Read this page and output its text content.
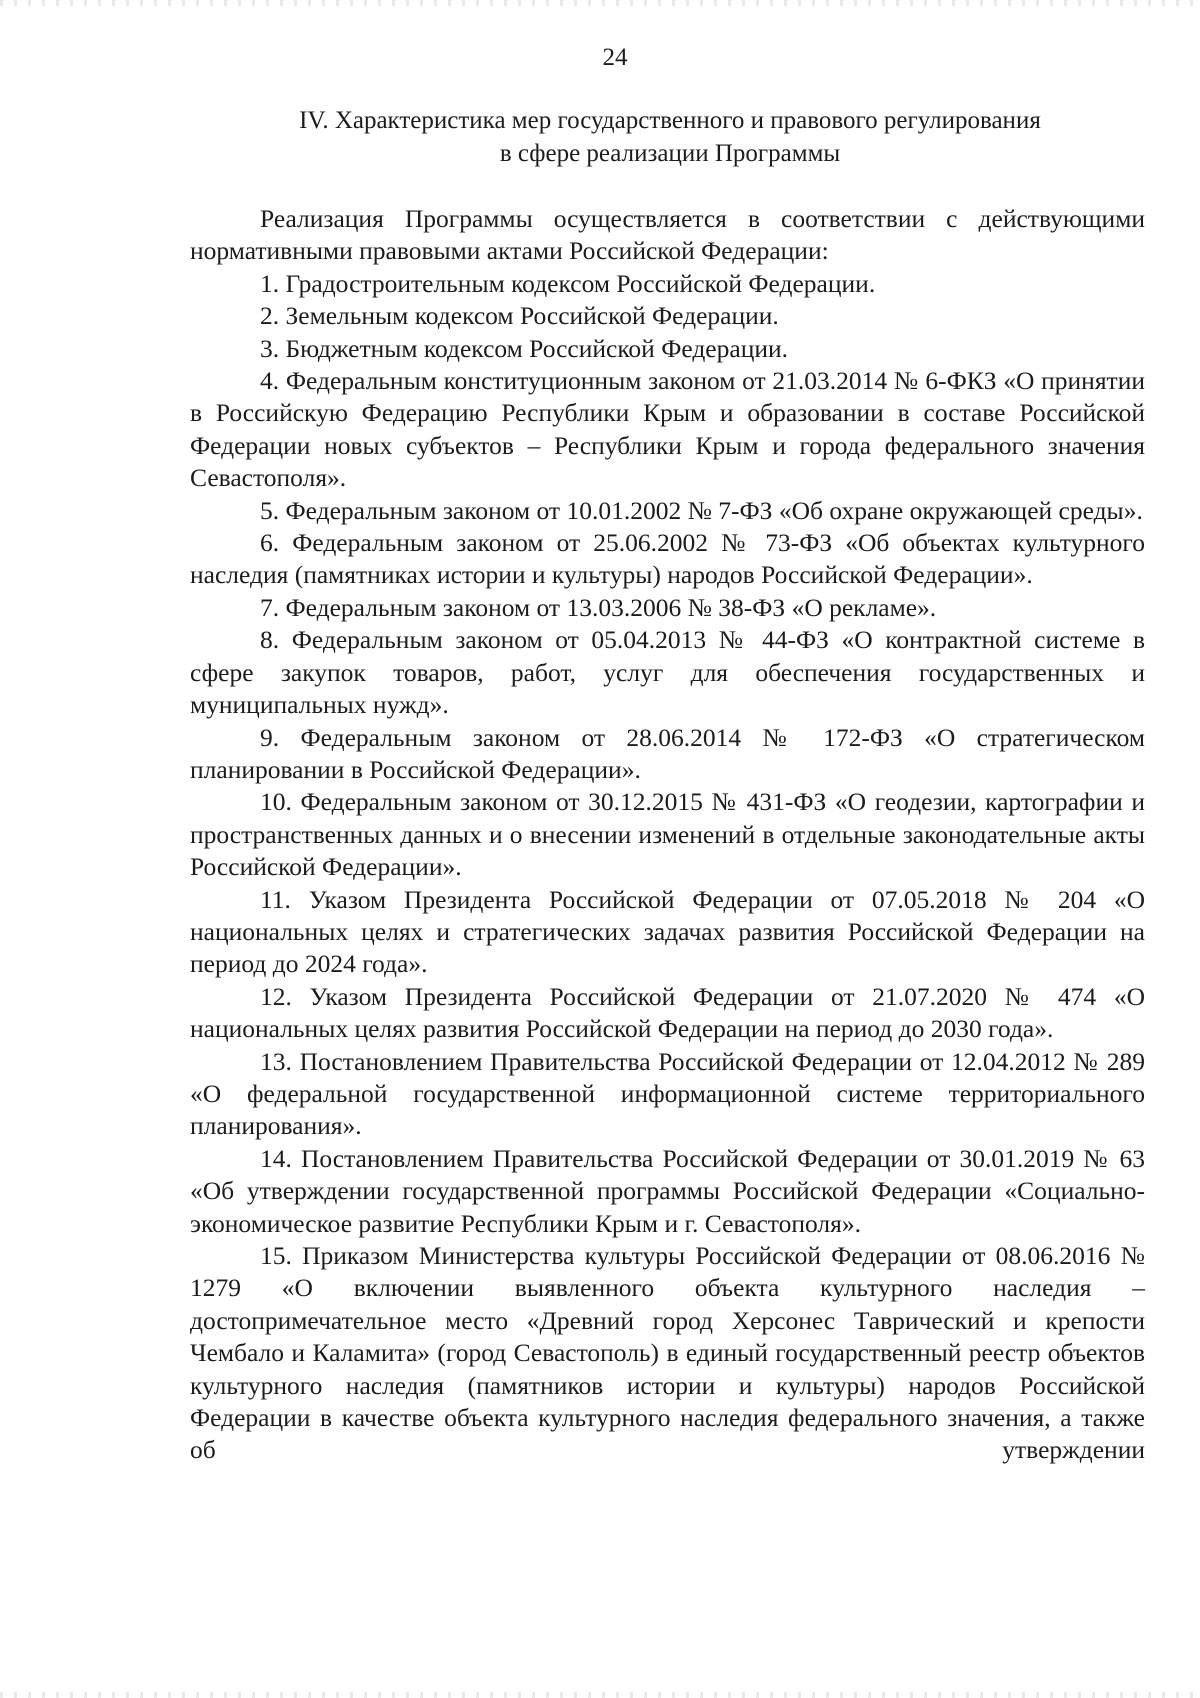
24
IV. Характеристика мер государственного и правового регулирования
в сфере реализации Программы

Реализация Программы осуществляется в соответствии с действующими нормативными правовыми актами Российской Федерации:

1. Градостроительным кодексом Российской Федерации.

2. Земельным кодексом Российской Федерации.

3. Бюджетным кодексом Российской Федерации.

4. Федеральным конституционным законом от 21.03.2014 № 6-ФКЗ «О принятии в Российскую Федерацию Республики Крым и образовании в составе Российской Федерации новых субъектов – Республики Крым и города федерального значения Севастополя».

5. Федеральным законом от 10.01.2002 № 7-ФЗ «Об охране окружающей среды».

6. Федеральным законом от 25.06.2002 № 73-ФЗ «Об объектах культурного наследия (памятниках истории и культуры) народов Российской Федерации».

7. Федеральным законом от 13.03.2006 № 38-ФЗ «О рекламе».

8. Федеральным законом от 05.04.2013 № 44-ФЗ «О контрактной системе в сфере закупок товаров, работ, услуг для обеспечения государственных и муниципальных нужд».

9. Федеральным законом от 28.06.2014 № 172-ФЗ «О стратегическом планировании в Российской Федерации».

10. Федеральным законом от 30.12.2015 № 431-ФЗ «О геодезии, картографии и пространственных данных и о внесении изменений в отдельные законодательные акты Российской Федерации».

11. Указом Президента Российской Федерации от 07.05.2018 № 204 «О национальных целях и стратегических задачах развития Российской Федерации на период до 2024 года».

12. Указом Президента Российской Федерации от 21.07.2020 № 474 «О национальных целях развития Российской Федерации на период до 2030 года».

13. Постановлением Правительства Российской Федерации от 12.04.2012 № 289 «О федеральной государственной информационной системе территориального планирования».

14. Постановлением Правительства Российской Федерации от 30.01.2019 № 63 «Об утверждении государственной программы Российской Федерации «Социально-экономическое развитие Республики Крым и г. Севастополя».

15. Приказом Министерства культуры Российской Федерации от 08.06.2016 № 1279 «О включении выявленного объекта культурного наследия – достопримечательное место «Древний город Херсонес Таврический и крепости Чембало и Каламита» (город Севастополь) в единый государственный реестр объектов культурного наследия (памятников истории и культуры) народов Российской Федерации в качестве объекта культурного наследия федерального значения, а также об утверждении
